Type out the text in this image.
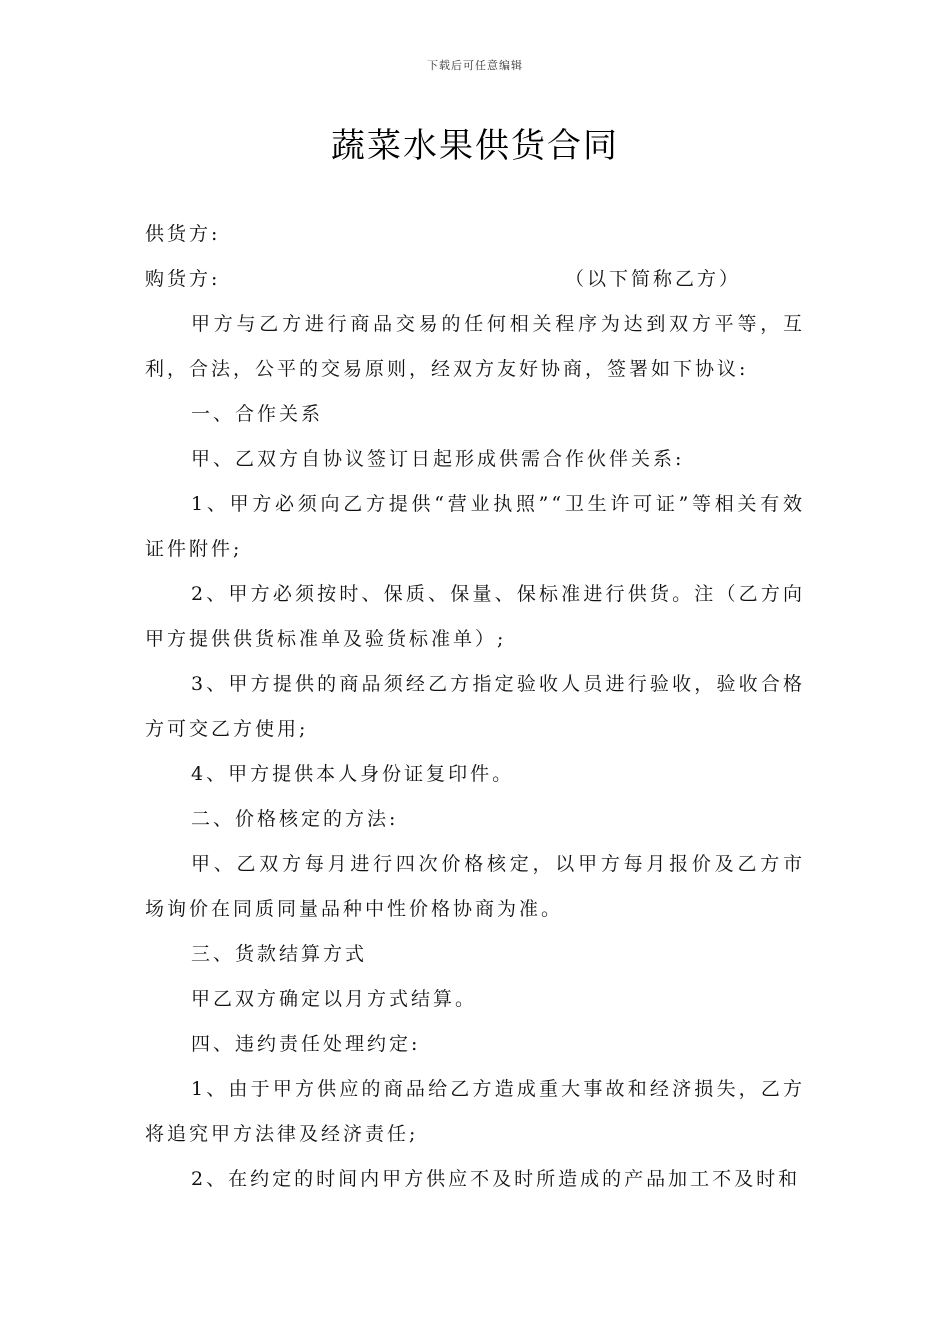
下载后可任意编辑
蔬菜水果供货合同
供货方:
购货方:	（以下简称乙方）
甲方与乙方进行商品交易的任何相关程序为达到双方平等，互利，合法，公平的交易原则，经双方友好协商，签署如下协议:
一、合作关系
甲、乙双方自协议签订日起形成供需合作伙伴关系:
1、甲方必须向乙方提供“营业执照”“卫生许可证”等相关有效证件附件;
2、甲方必须按时、保质、保量、保标准进行供货。注（乙方向甲方提供供货标准单及验货标准单）;
3、甲方提供的商品须经乙方指定验收人员进行验收，验收合格方可交乙方使用;
4、甲方提供本人身份证复印件。
二、价格核定的方法:
甲、乙双方每月进行四次价格核定，以甲方每月报价及乙方市场询价在同质同量品种中性价格协商为准。
三、货款结算方式
甲乙双方确定以月方式结算。
四、违约责任处理约定:
1、由于甲方供应的商品给乙方造成重大事故和经济损失，乙方将追究甲方法律及经济责任;
2、在约定的时间内甲方供应不及时所造成的产品加工不及时和
